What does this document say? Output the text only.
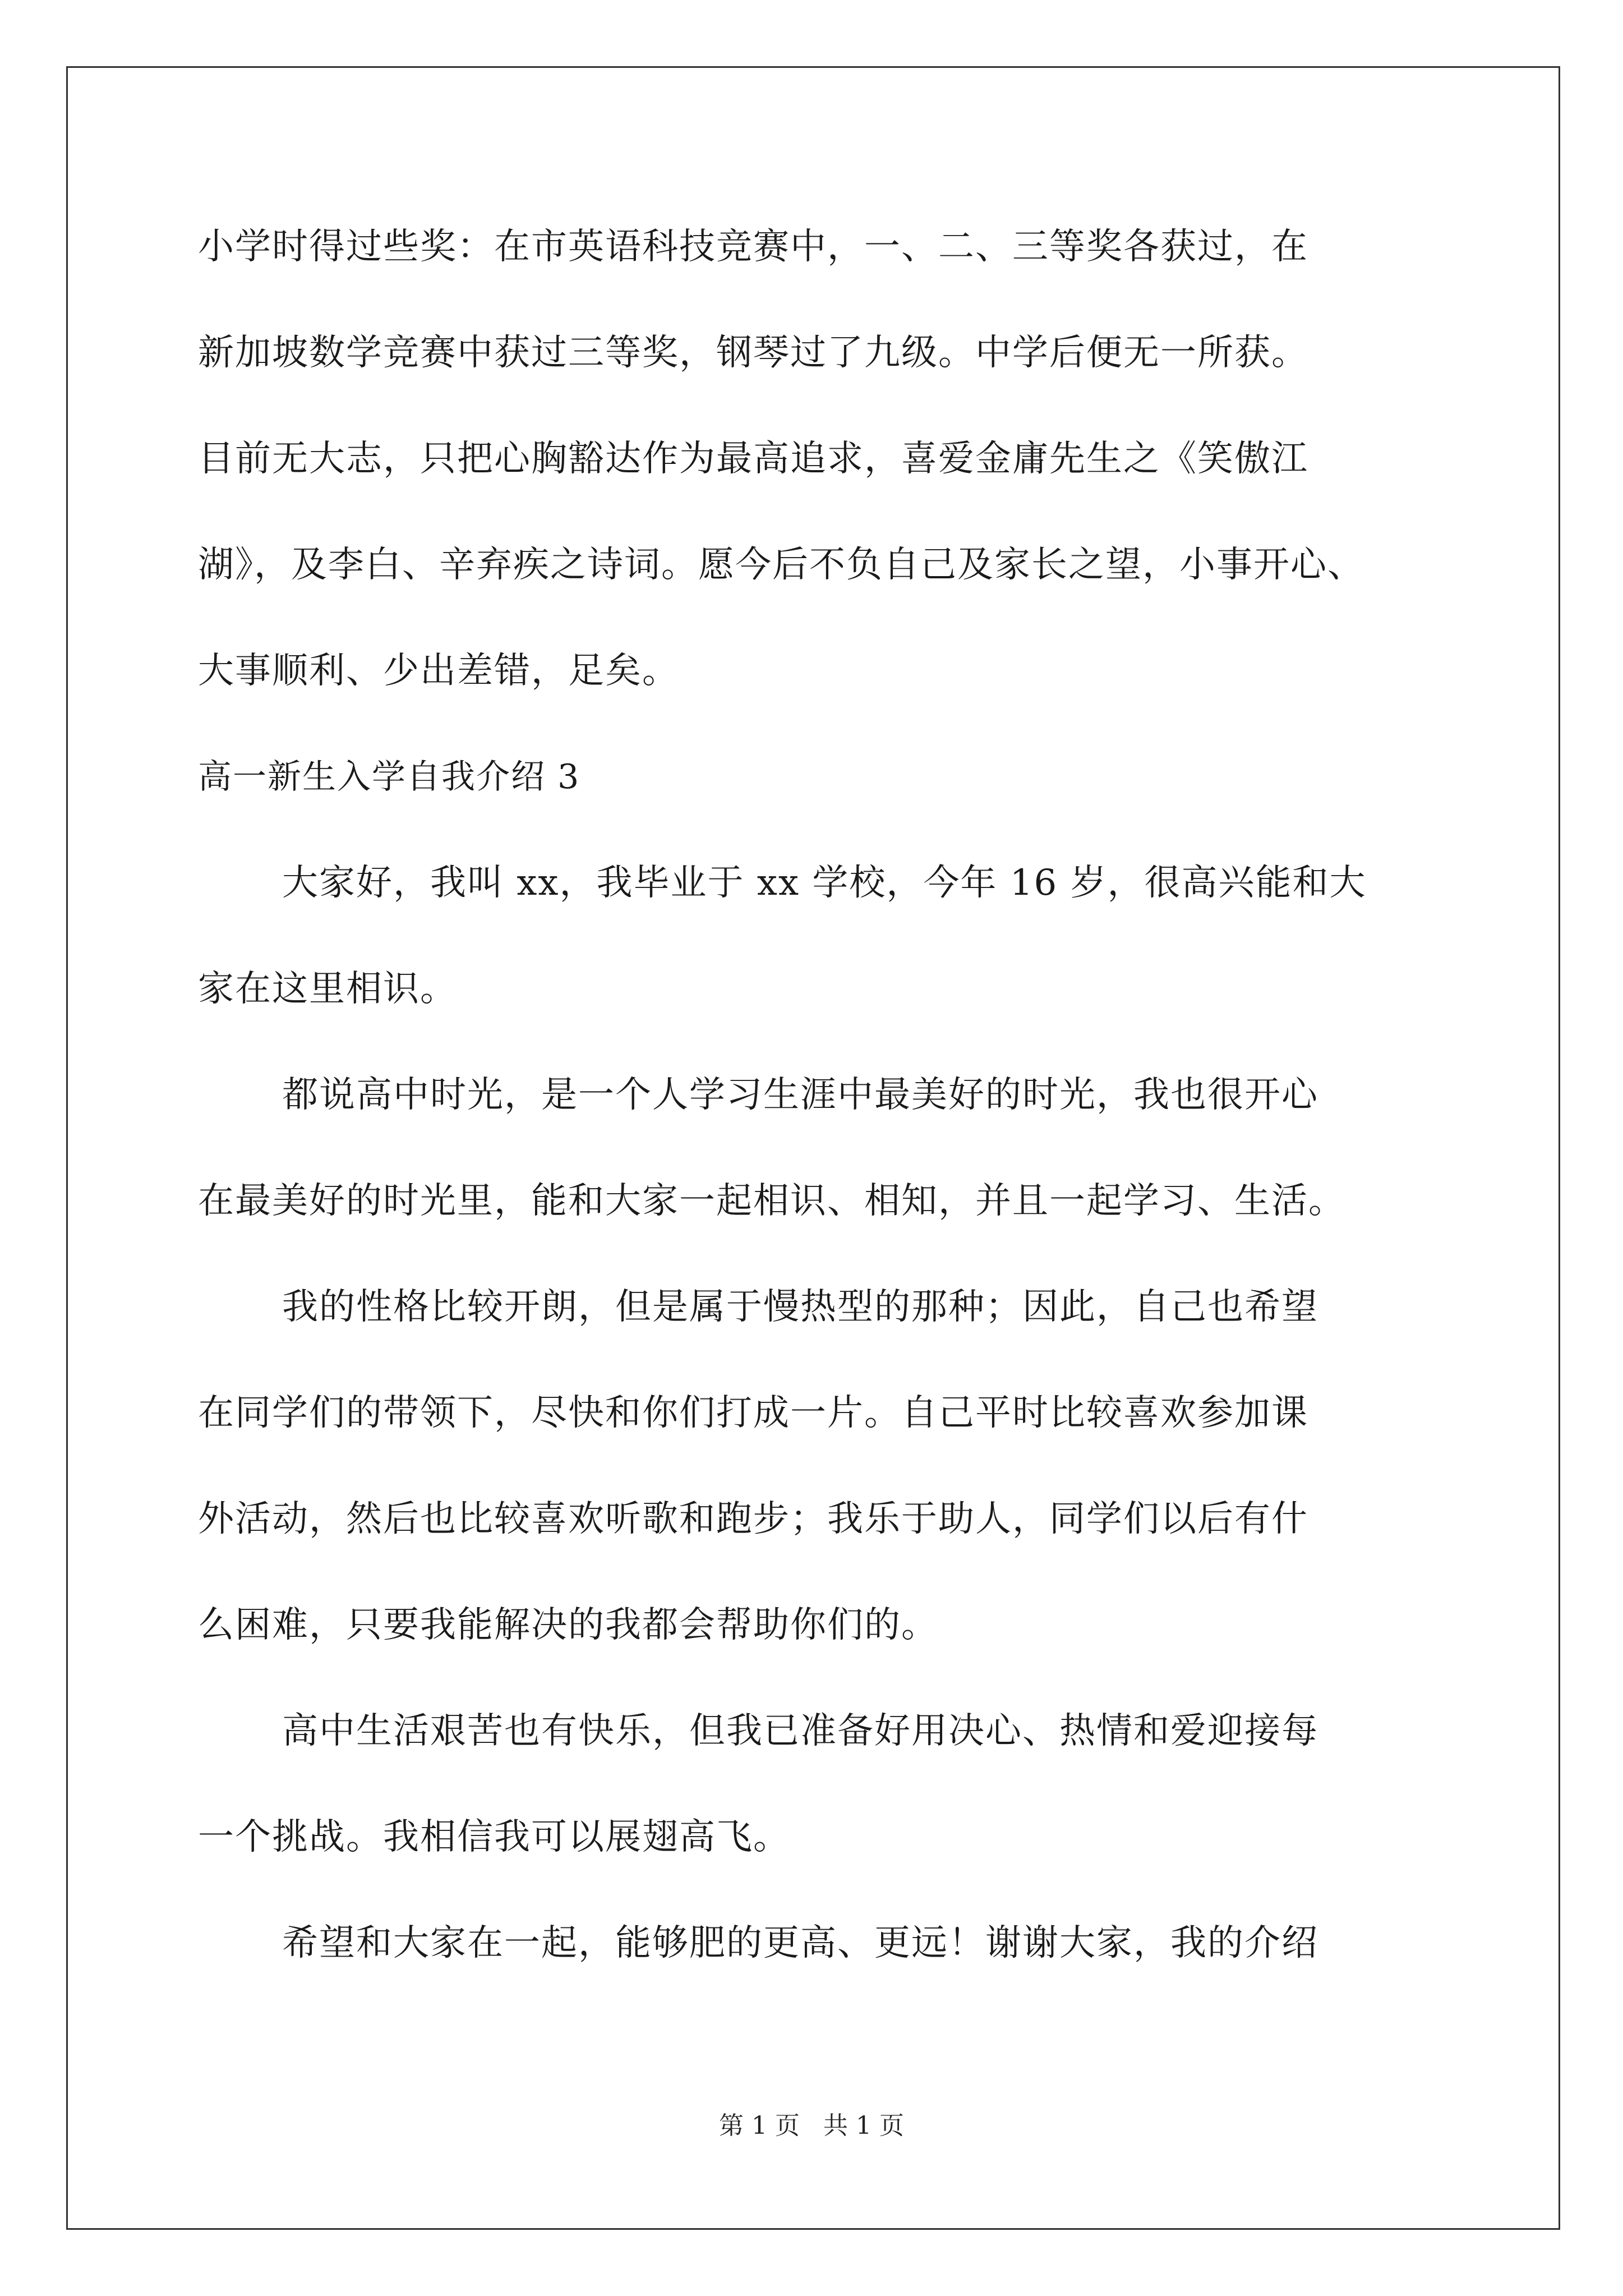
小学时得过些奖：在市英语科技竞赛中，一、二、三等奖各获过，在

新加坡数学竞赛中获过三等奖，钢琴过了九级。中学后便无一所获。

目前无大志，只把心胸豁达作为最高追求，喜爱金庸先生之《笑傲江

湖》，及李白、辛弃疾之诗词。愿今后不负自己及家长之望，小事开心、

大事顺利、少出差错，足矣。

高一新生入学自我介绍 3

大家好，我叫 xx，我毕业于 xx 学校，今年 16 岁，很高兴能和大

家在这里相识。

都说高中时光，是一个人学习生涯中最美好的时光，我也很开心

在最美好的时光里，能和大家一起相识、相知，并且一起学习、生活。

我的性格比较开朗，但是属于慢热型的那种；因此，自己也希望

在同学们的带领下，尽快和你们打成一片。自己平时比较喜欢参加课

外活动，然后也比较喜欢听歌和跑步；我乐于助人，同学们以后有什

么困难，只要我能解决的我都会帮助你们的。

高中生活艰苦也有快乐，但我已准备好用决心、热情和爱迎接每

一个挑战。我相信我可以展翅高飞。

希望和大家在一起，能够肥的更高、更远！谢谢大家，我的介绍

第 1 页   共 1 页
